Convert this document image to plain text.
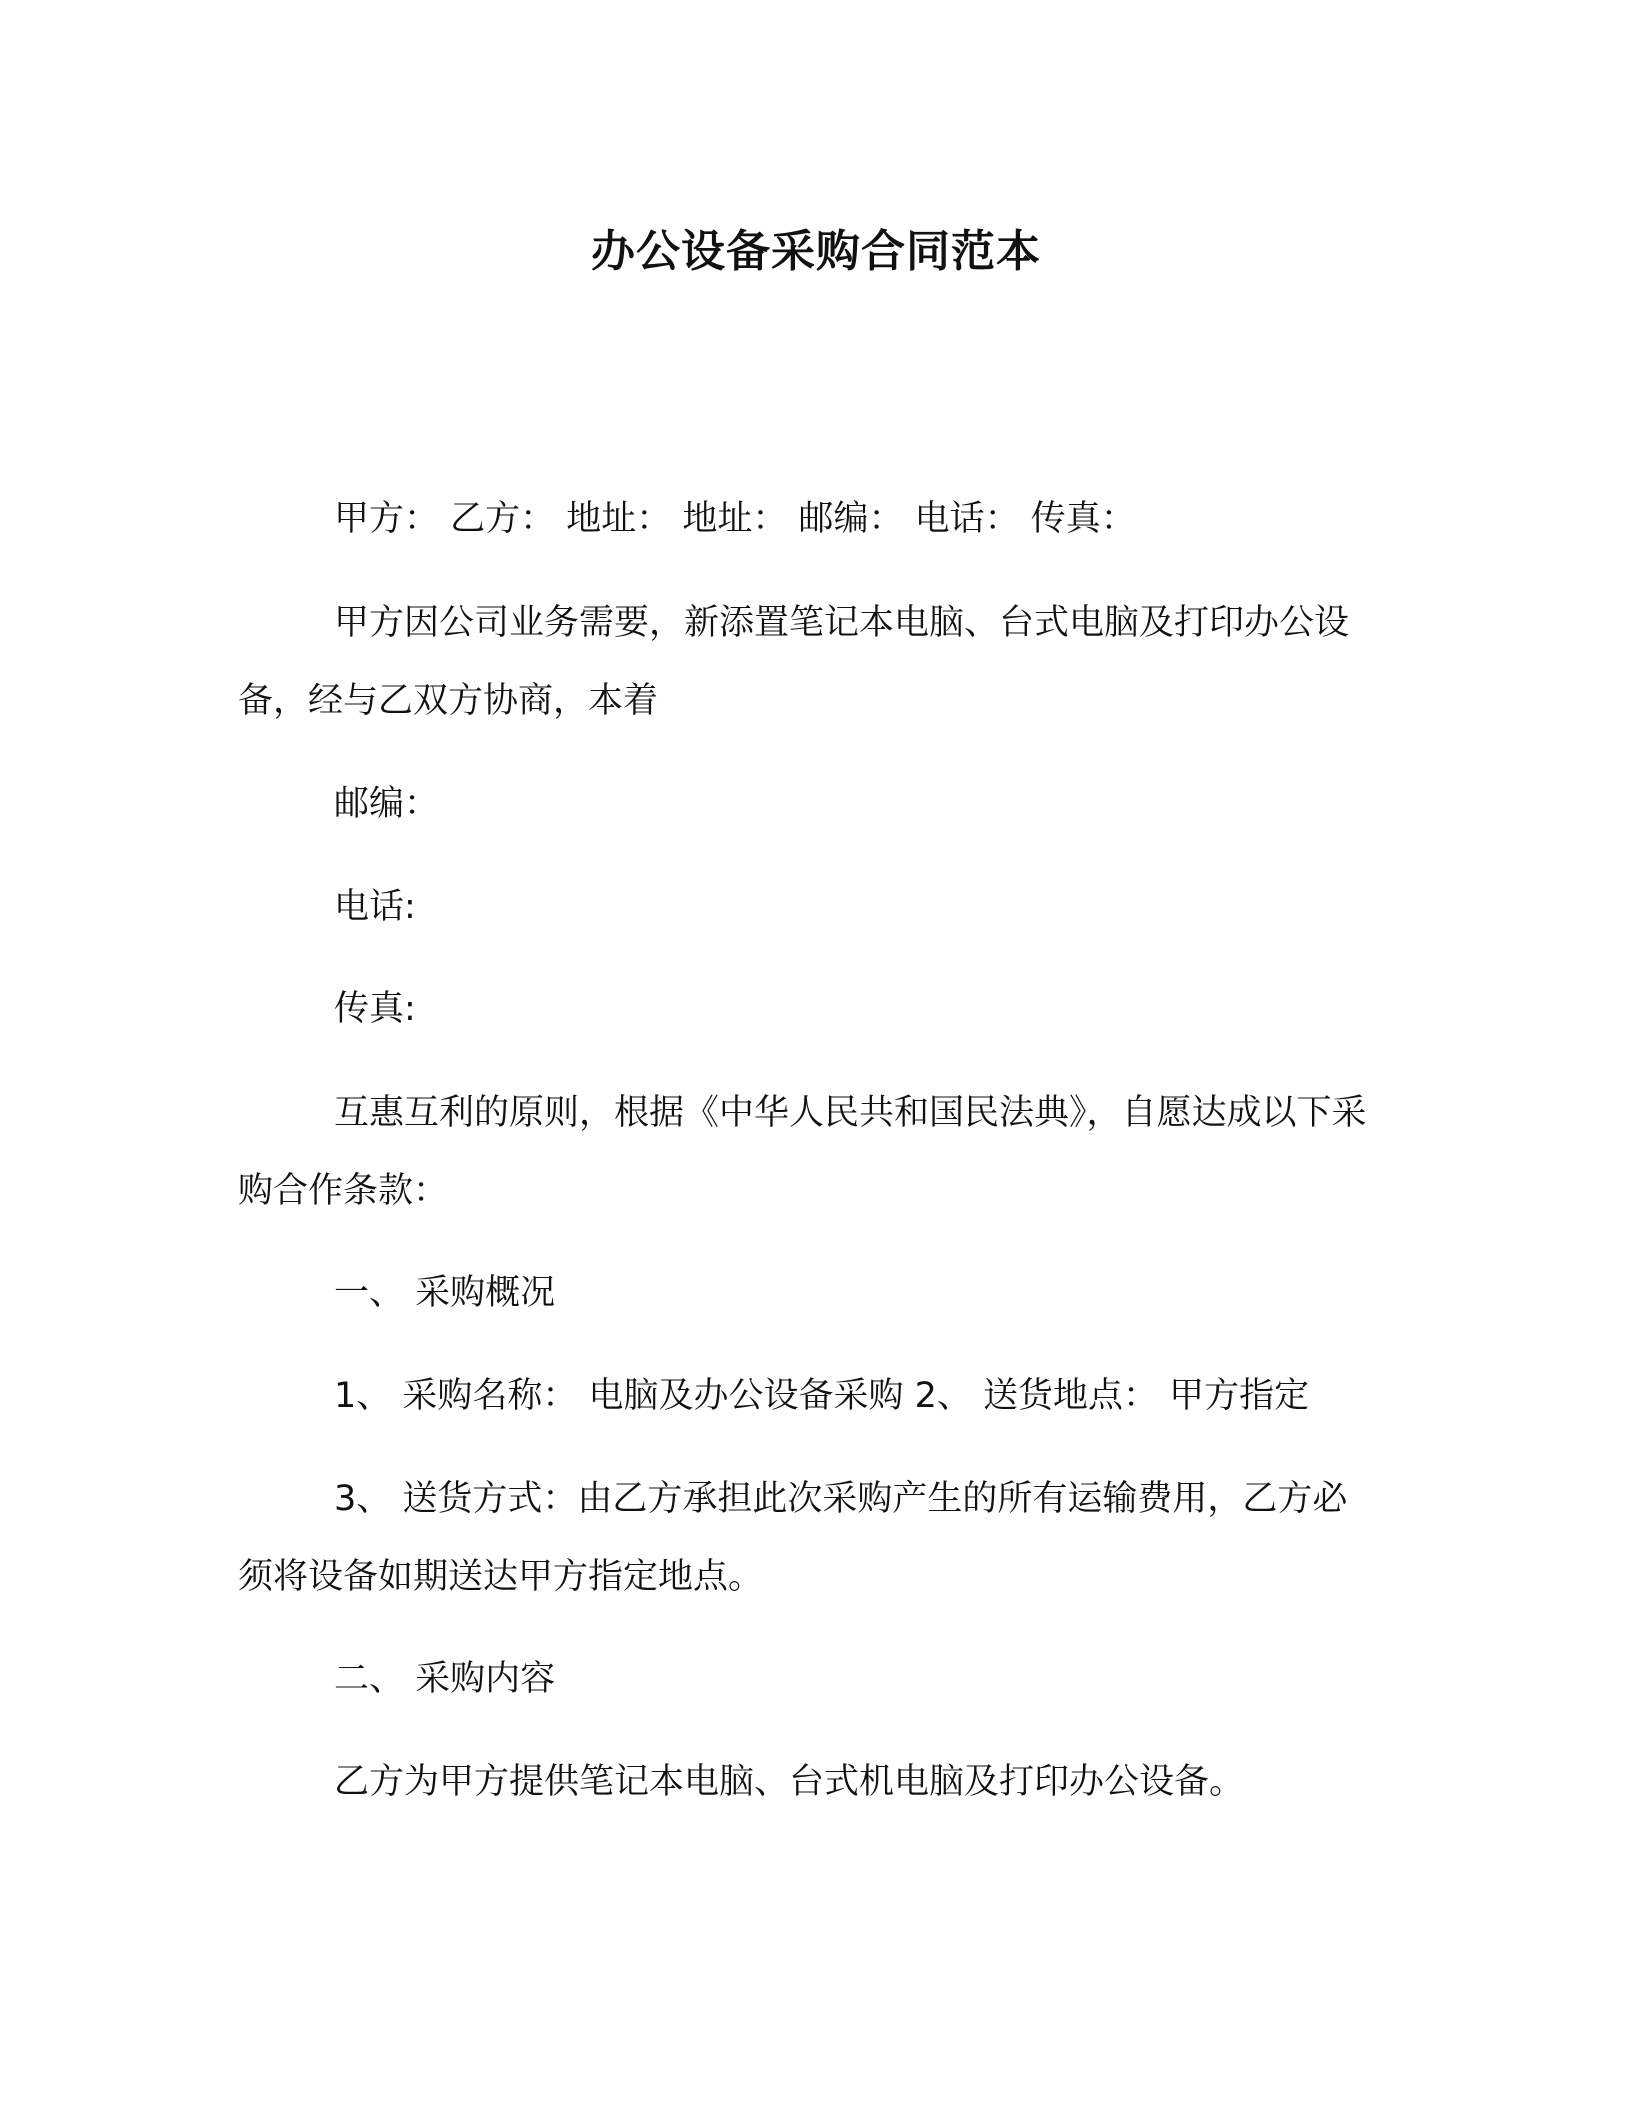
办公设备采购合同范本
甲方： 乙方： 地址： 地址： 邮编： 电话： 传真：
甲方因公司业务需要，新添置笔记本电脑、台式电脑及打印办公设备，经与乙双方协商，本着
邮编：
电话:
传真:
互惠互利的原则，根据《中华人民共和国民法典》，自愿达成以下采购合作条款：
一、 采购概况
1、 采购名称： 电脑及办公设备采购 2、 送货地点： 甲方指定
3、 送货方式：由乙方承担此次采购产生的所有运输费用，乙方必须将设备如期送达甲方指定地点。
二、 采购内容
乙方为甲方提供笔记本电脑、台式机电脑及打印办公设备。
